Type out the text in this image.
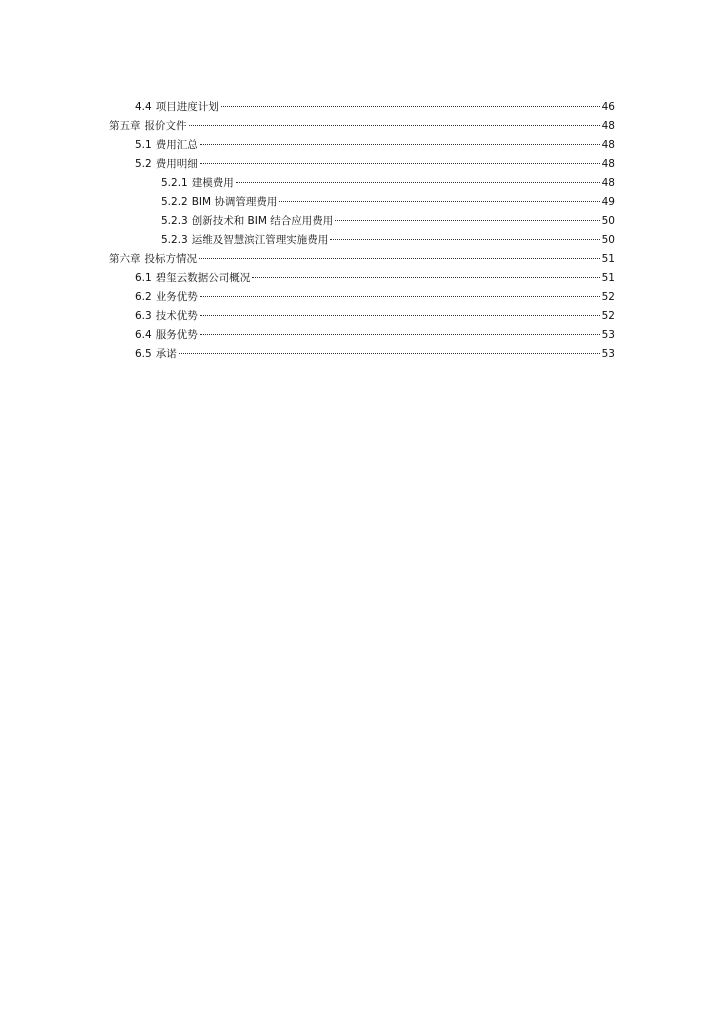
4.4 项目进度计划	46
第五章 报价文件	48
5.1 费用汇总	48
5.2 费用明细	48
5.2.1 建模费用	48
5.2.2 BIM 协调管理费用	49
5.2.3 创新技术和 BIM 结合应用费用	50
5.2.3 运维及智慧滨江管理实施费用	50
第六章 投标方情况	51
6.1 碧玺云数据公司概况	51
6.2 业务优势	52
6.3 技术优势	52
6.4 服务优势	53
6.5 承诺	53
